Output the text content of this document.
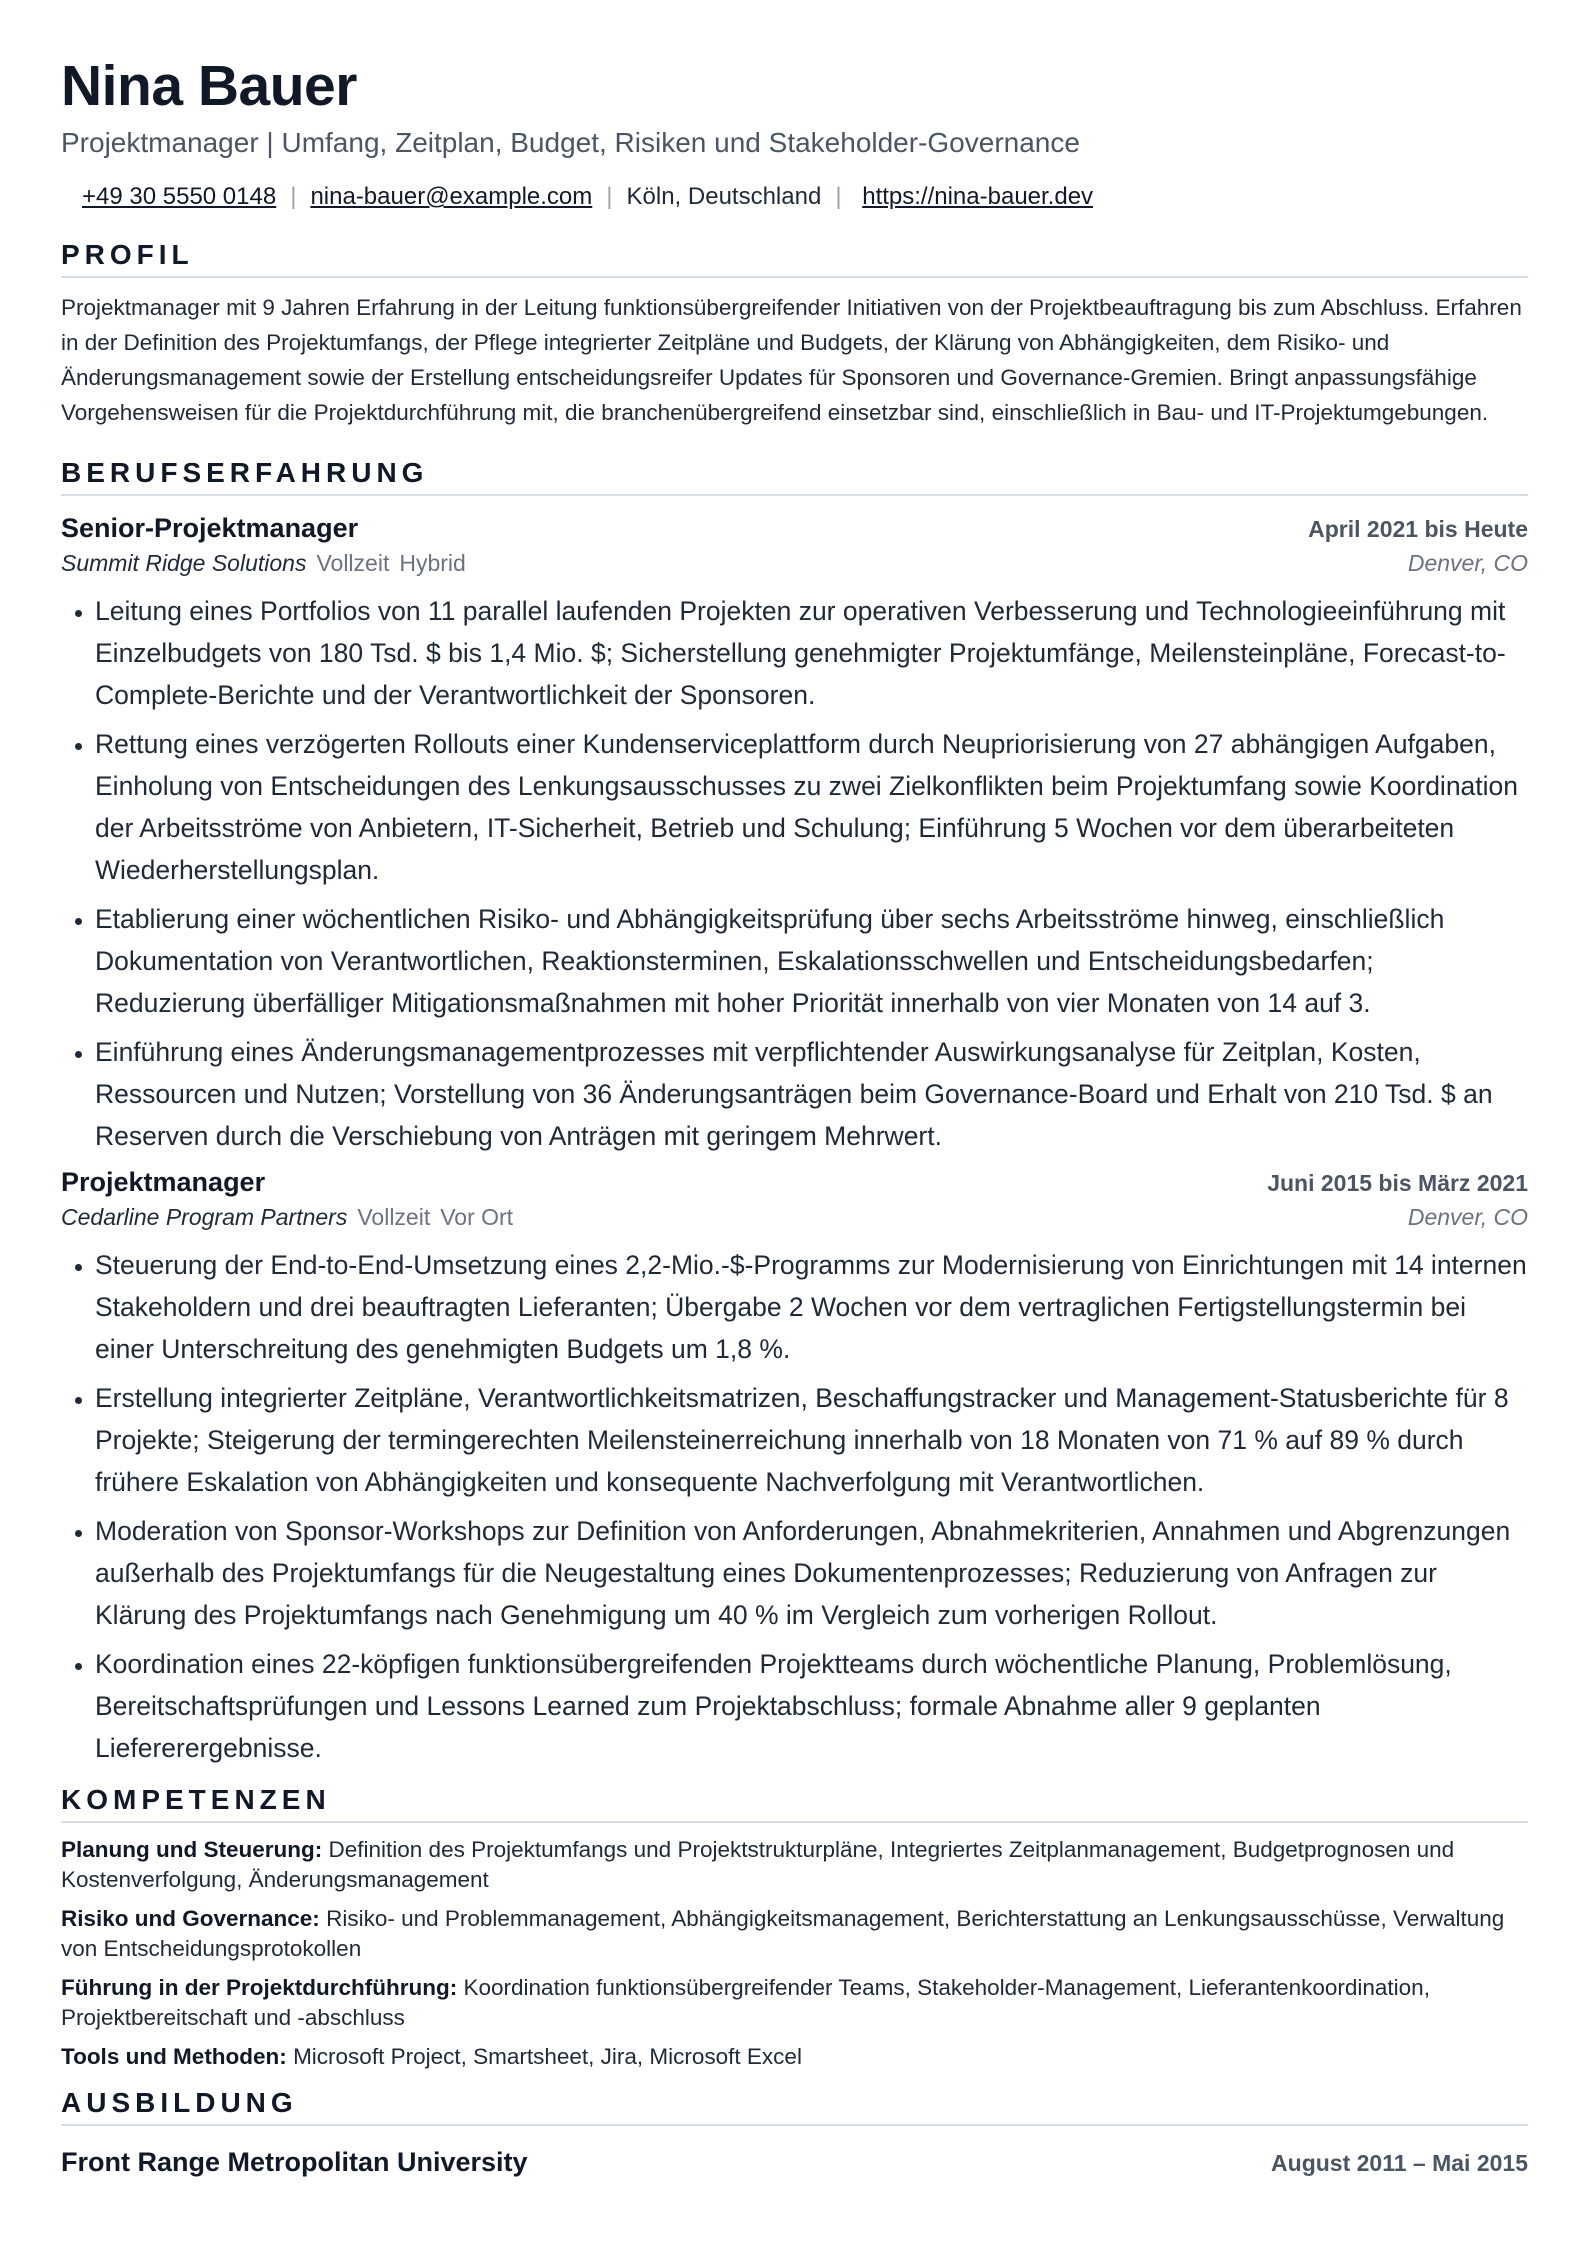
Nina Bauer
Projektmanager | Umfang, Zeitplan, Budget, Risiken und Stakeholder-Governance
+49 30 5550 0148 | nina-bauer@example.com | Köln, Deutschland | https://nina-bauer.dev
PROFIL
Projektmanager mit 9 Jahren Erfahrung in der Leitung funktionsübergreifender Initiativen von der Projektbeauftragung bis zum Abschluss. Erfahren in der Definition des Projektumfangs, der Pflege integrierter Zeitpläne und Budgets, der Klärung von Abhängigkeiten, dem Risiko- und Änderungsmanagement sowie der Erstellung entscheidungsreifer Updates für Sponsoren und Governance-Gremien. Bringt anpassungsfähige Vorgehensweisen für die Projektdurchführung mit, die branchenübergreifend einsetzbar sind, einschließlich in Bau- und IT-Projektumgebungen.
BERUFSERFAHRUNG
Senior-Projektmanager	April 2021 bis Heute
Summit Ridge Solutions Vollzeit Hybrid	Denver, CO
• Leitung eines Portfolios von 11 parallel laufenden Projekten zur operativen Verbesserung und Technologieeinführung mit Einzelbudgets von 180 Tsd. $ bis 1,4 Mio. $; Sicherstellung genehmigter Projektumfänge, Meilensteinpläne, Forecast-to-Complete-Berichte und der Verantwortlichkeit der Sponsoren.
• Rettung eines verzögerten Rollouts einer Kundenserviceplattform durch Neupriorisierung von 27 abhängigen Aufgaben, Einholung von Entscheidungen des Lenkungsausschusses zu zwei Zielkonflikten beim Projektumfang sowie Koordination der Arbeitsströme von Anbietern, IT-Sicherheit, Betrieb und Schulung; Einführung 5 Wochen vor dem überarbeiteten Wiederherstellungsplan.
• Etablierung einer wöchentlichen Risiko- und Abhängigkeitsprüfung über sechs Arbeitsströme hinweg, einschließlich Dokumentation von Verantwortlichen, Reaktionsterminen, Eskalationsschwellen und Entscheidungsbedarfen; Reduzierung überfälliger Mitigationsmaßnahmen mit hoher Priorität innerhalb von vier Monaten von 14 auf 3.
• Einführung eines Änderungsmanagementprozesses mit verpflichtender Auswirkungsanalyse für Zeitplan, Kosten, Ressourcen und Nutzen; Vorstellung von 36 Änderungsanträgen beim Governance-Board und Erhalt von 210 Tsd. $ an Reserven durch die Verschiebung von Anträgen mit geringem Mehrwert.
Projektmanager	Juni 2015 bis März 2021
Cedarline Program Partners Vollzeit Vor Ort	Denver, CO
• Steuerung der End-to-End-Umsetzung eines 2,2-Mio.-$-Programms zur Modernisierung von Einrichtungen mit 14 internen Stakeholdern und drei beauftragten Lieferanten; Übergabe 2 Wochen vor dem vertraglichen Fertigstellungstermin bei einer Unterschreitung des genehmigten Budgets um 1,8 %.
• Erstellung integrierter Zeitpläne, Verantwortlichkeitsmatrizen, Beschaffungstracker und Management-Statusberichte für 8 Projekte; Steigerung der termingerechten Meilensteinerreichung innerhalb von 18 Monaten von 71 % auf 89 % durch frühere Eskalation von Abhängigkeiten und konsequente Nachverfolgung mit Verantwortlichen.
• Moderation von Sponsor-Workshops zur Definition von Anforderungen, Abnahmekriterien, Annahmen und Abgrenzungen außerhalb des Projektumfangs für die Neugestaltung eines Dokumentenprozesses; Reduzierung von Anfragen zur Klärung des Projektumfangs nach Genehmigung um 40 % im Vergleich zum vorherigen Rollout.
• Koordination eines 22-köpfigen funktionsübergreifenden Projektteams durch wöchentliche Planung, Problemlösung, Bereitschaftsprüfungen und Lessons Learned zum Projektabschluss; formale Abnahme aller 9 geplanten Liefererergebnisse.
KOMPETENZEN
Planung und Steuerung: Definition des Projektumfangs und Projektstrukturpläne, Integriertes Zeitplanmanagement, Budgetprognosen und Kostenverfolgung, Änderungsmanagement
Risiko und Governance: Risiko- und Problemmanagement, Abhängigkeitsmanagement, Berichterstattung an Lenkungsausschüsse, Verwaltung von Entscheidungsprotokollen
Führung in der Projektdurchführung: Koordination funktionsübergreifender Teams, Stakeholder-Management, Lieferantenkoordination, Projektbereitschaft und -abschluss
Tools und Methoden: Microsoft Project, Smartsheet, Jira, Microsoft Excel
AUSBILDUNG
Front Range Metropolitan University	August 2011 – Mai 2015
